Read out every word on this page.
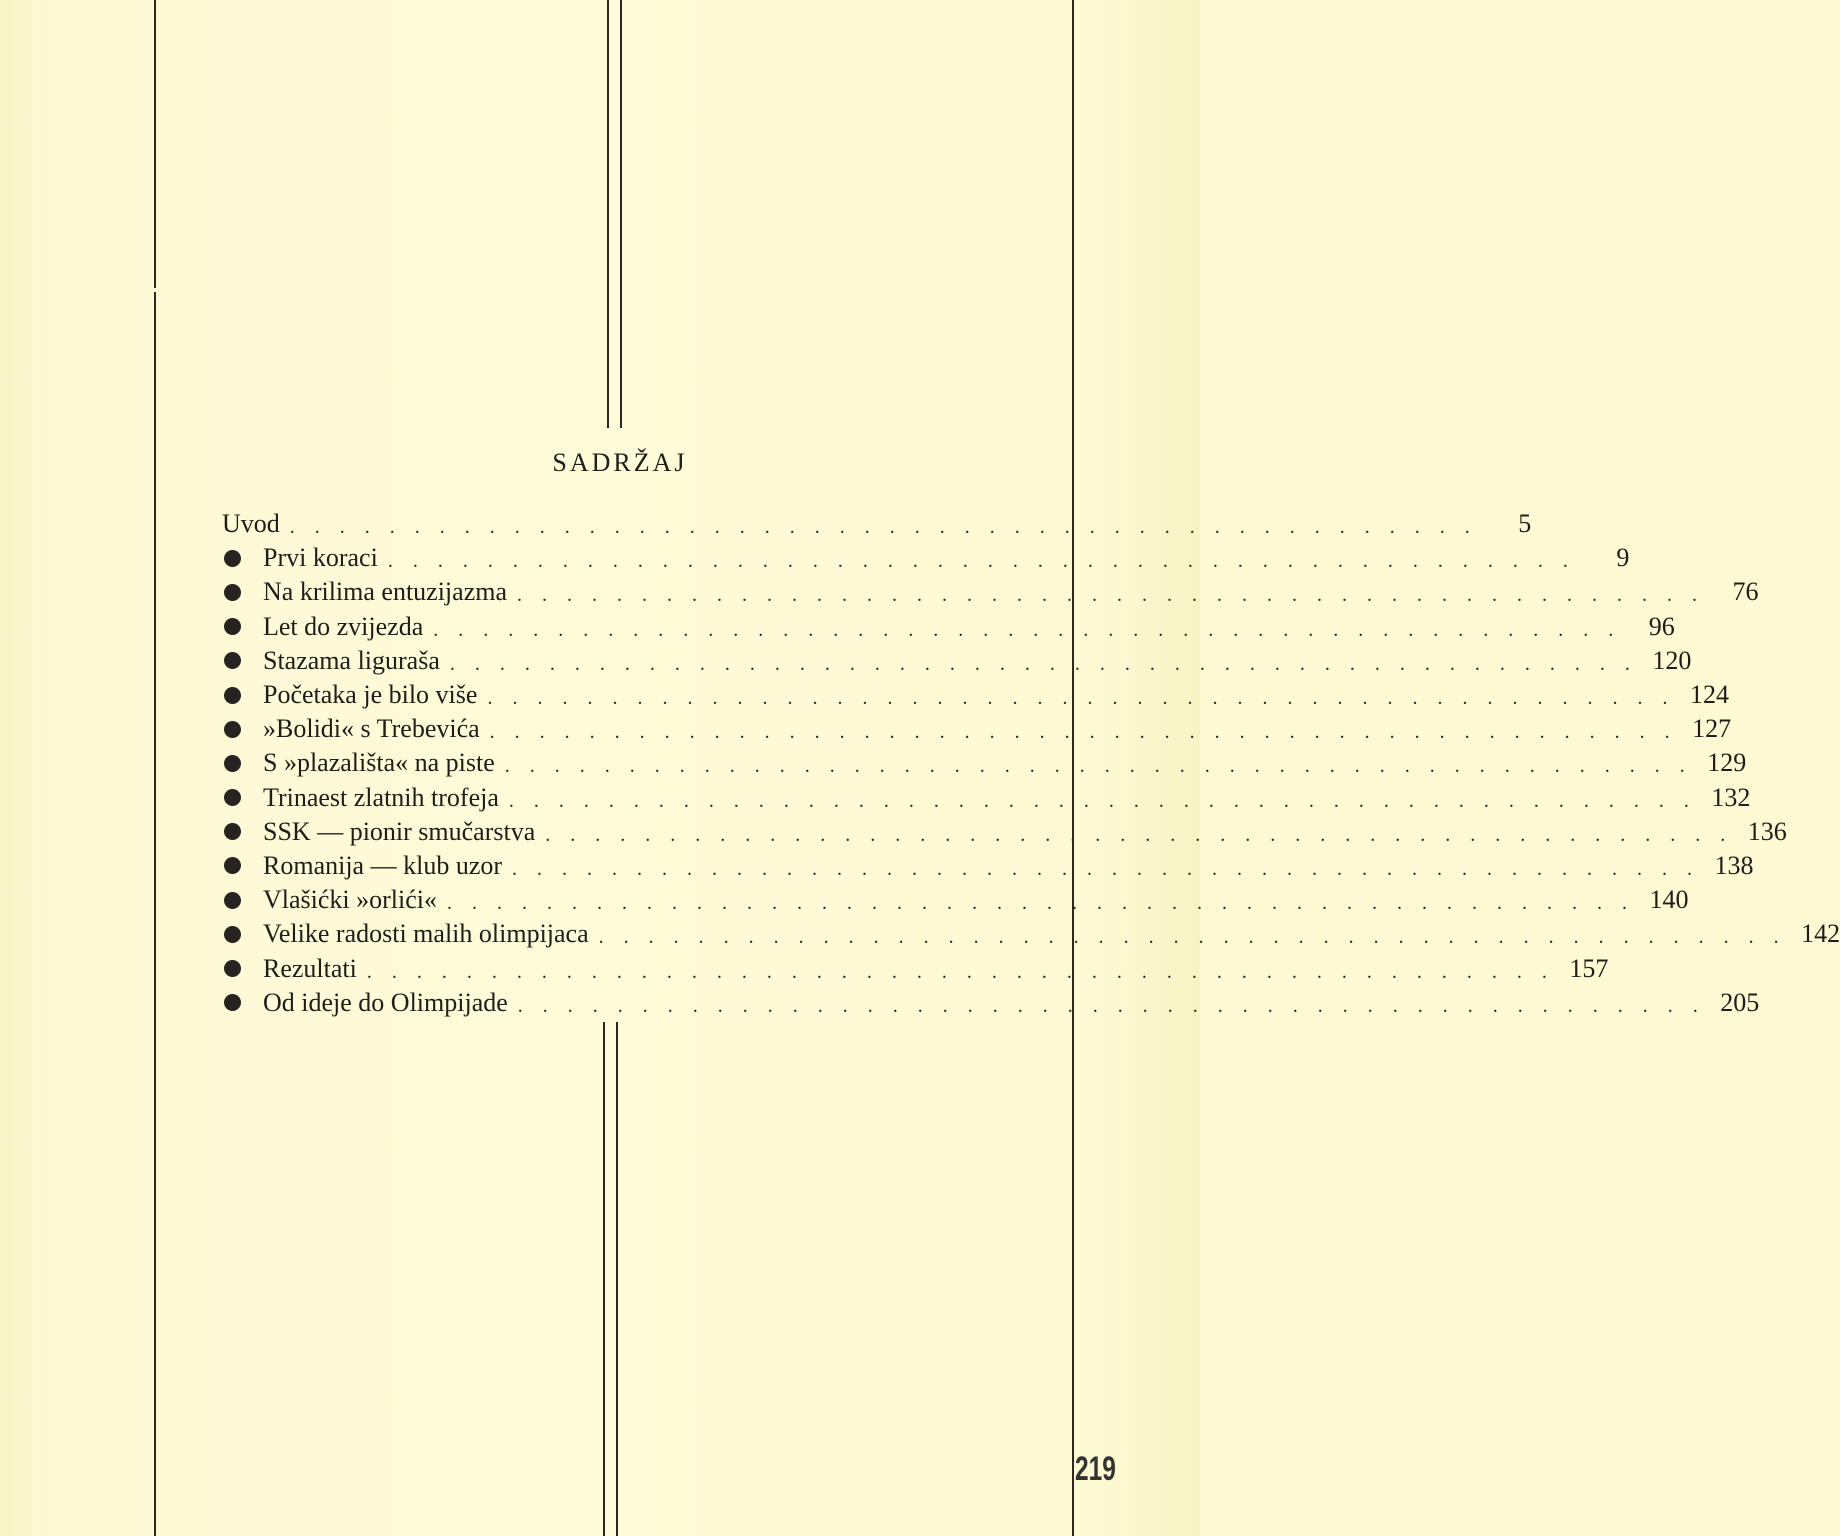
SADRŽAJ
Uvod . . . . . . . . . . . . . . . . . . . . . . . . . . . . . . . . . . . . . . . . . . . . . . . .	5
Prvi koraci . . . . . . . . . . . . . . . . . . . . . . . . . . . . . . . . . . . . . . . . . . . . . . . .	9
Na krilima entuzijazma . . . . . . . . . . . . . . . . . . . . . . . . . . . . . . . . . . . . . . . . . . . . . . . .	76
Let do zvijezda . . . . . . . . . . . . . . . . . . . . . . . . . . . . . . . . . . . . . . . . . . . . . . . .	96
Stazama liguraša . . . . . . . . . . . . . . . . . . . . . . . . . . . . . . . . . . . . . . . . . . . . . . . . 120
Početaka je bilo više . . . . . . . . . . . . . . . . . . . . . . . . . . . . . . . . . . . . . . . . . . . . . . . . 124
»Bolidi« s Trebevića . . . . . . . . . . . . . . . . . . . . . . . . . . . . . . . . . . . . . . . . . . . . . . . . 127
S »plazališta« na piste . . . . . . . . . . . . . . . . . . . . . . . . . . . . . . . . . . . . . . . . . . . . . . . . 129
Trinaest zlatnih trofeja . . . . . . . . . . . . . . . . . . . . . . . . . . . . . . . . . . . . . . . . . . . . . . . . 132
SSK — pionir smučarstva . . . . . . . . . . . . . . . . . . . . . . . . . . . . . . . . . . . . . . . . . . . . . . . . 136
Romanija — klub uzor . . . . . . . . . . . . . . . . . . . . . . . . . . . . . . . . . . . . . . . . . . . . . . . . 138
Vlašićki »orlići« . . . . . . . . . . . . . . . . . . . . . . . . . . . . . . . . . . . . . . . . . . . . . . . . 140
Velike radosti malih olimpijaca . . . . . . . . . . . . . . . . . . . . . . . . . . . . . . . . . . . . . . . . . . . . . . . . 142
Rezultati . . . . . . . . . . . . . . . . . . . . . . . . . . . . . . . . . . . . . . . . . . . . . . . . 157
Od ideje do Olimpijade . . . . . . . . . . . . . . . . . . . . . . . . . . . . . . . . . . . . . . . . . . . . . . . . 205
219
